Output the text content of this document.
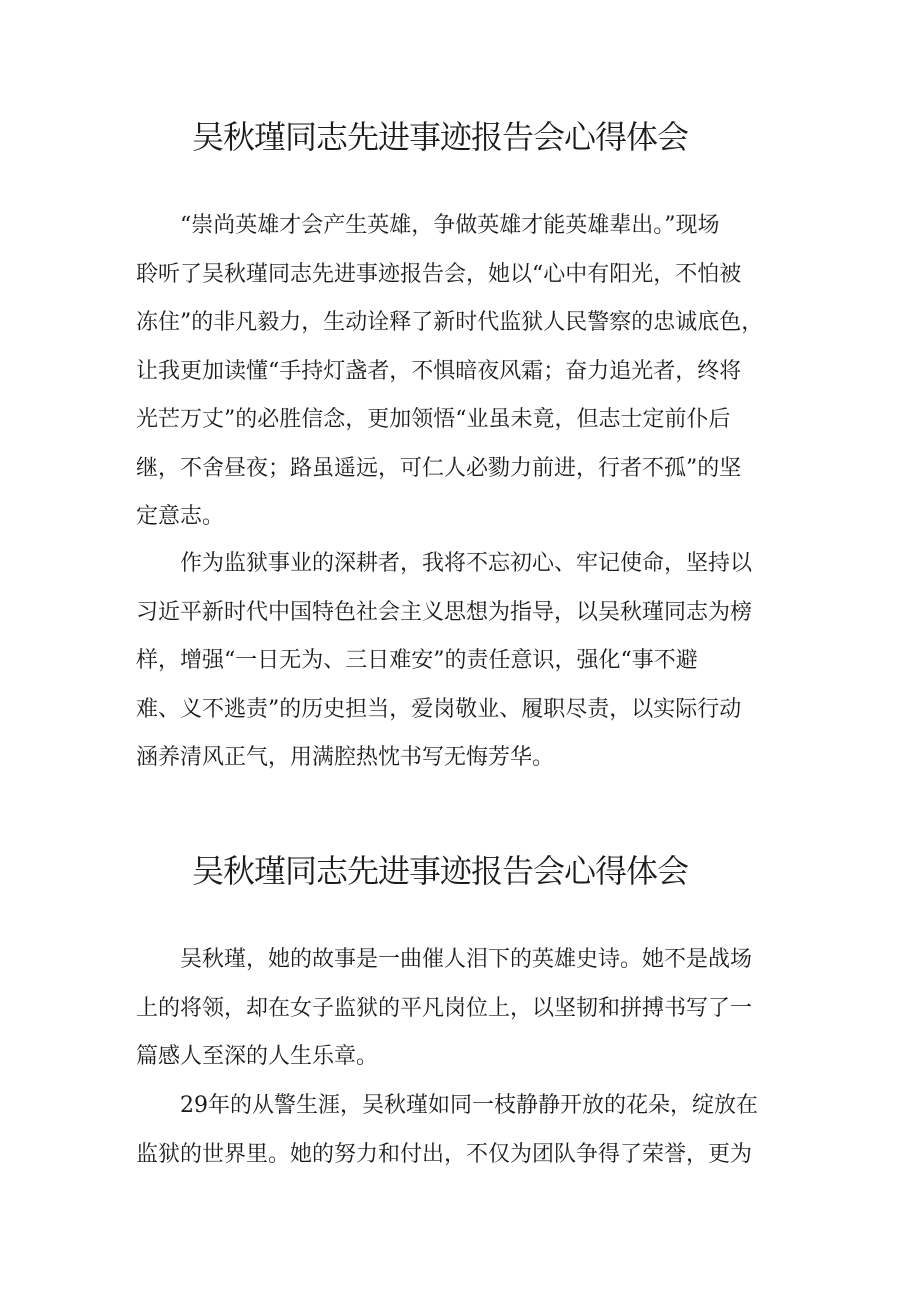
吴秋瑾同志先进事迹报告会心得体会
“崇尚英雄才会产生英雄，争做英雄才能英雄辈出。”现场
聆听了吴秋瑾同志先进事迹报告会，她以“心中有阳光，不怕被
冻住”的非凡毅力，生动诠释了新时代监狱人民警察的忠诚底色，
让我更加读懂“手持灯盏者，不惧暗夜风霜；奋力追光者，终将
光芒万丈”的必胜信念，更加领悟“业虽未竟，但志士定前仆后
继，不舍昼夜；路虽遥远，可仁人必勠力前进，行者不孤”的坚
定意志。
作为监狱事业的深耕者，我将不忘初心、牢记使命，坚持以
习近平新时代中国特色社会主义思想为指导，以吴秋瑾同志为榜
样，增强“一日无为、三日难安”的责任意识，强化“事不避
难、义不逃责”的历史担当，爱岗敬业、履职尽责，以实际行动
涵养清风正气，用满腔热忱书写无悔芳华。
吴秋瑾同志先进事迹报告会心得体会
吴秋瑾，她的故事是一曲催人泪下的英雄史诗。她不是战场
上的将领，却在女子监狱的平凡岗位上，以坚韧和拼搏书写了一
篇感人至深的人生乐章。
29年的从警生涯，吴秋瑾如同一枝静静开放的花朵，绽放在
监狱的世界里。她的努力和付出，不仅为团队争得了荣誉，更为
